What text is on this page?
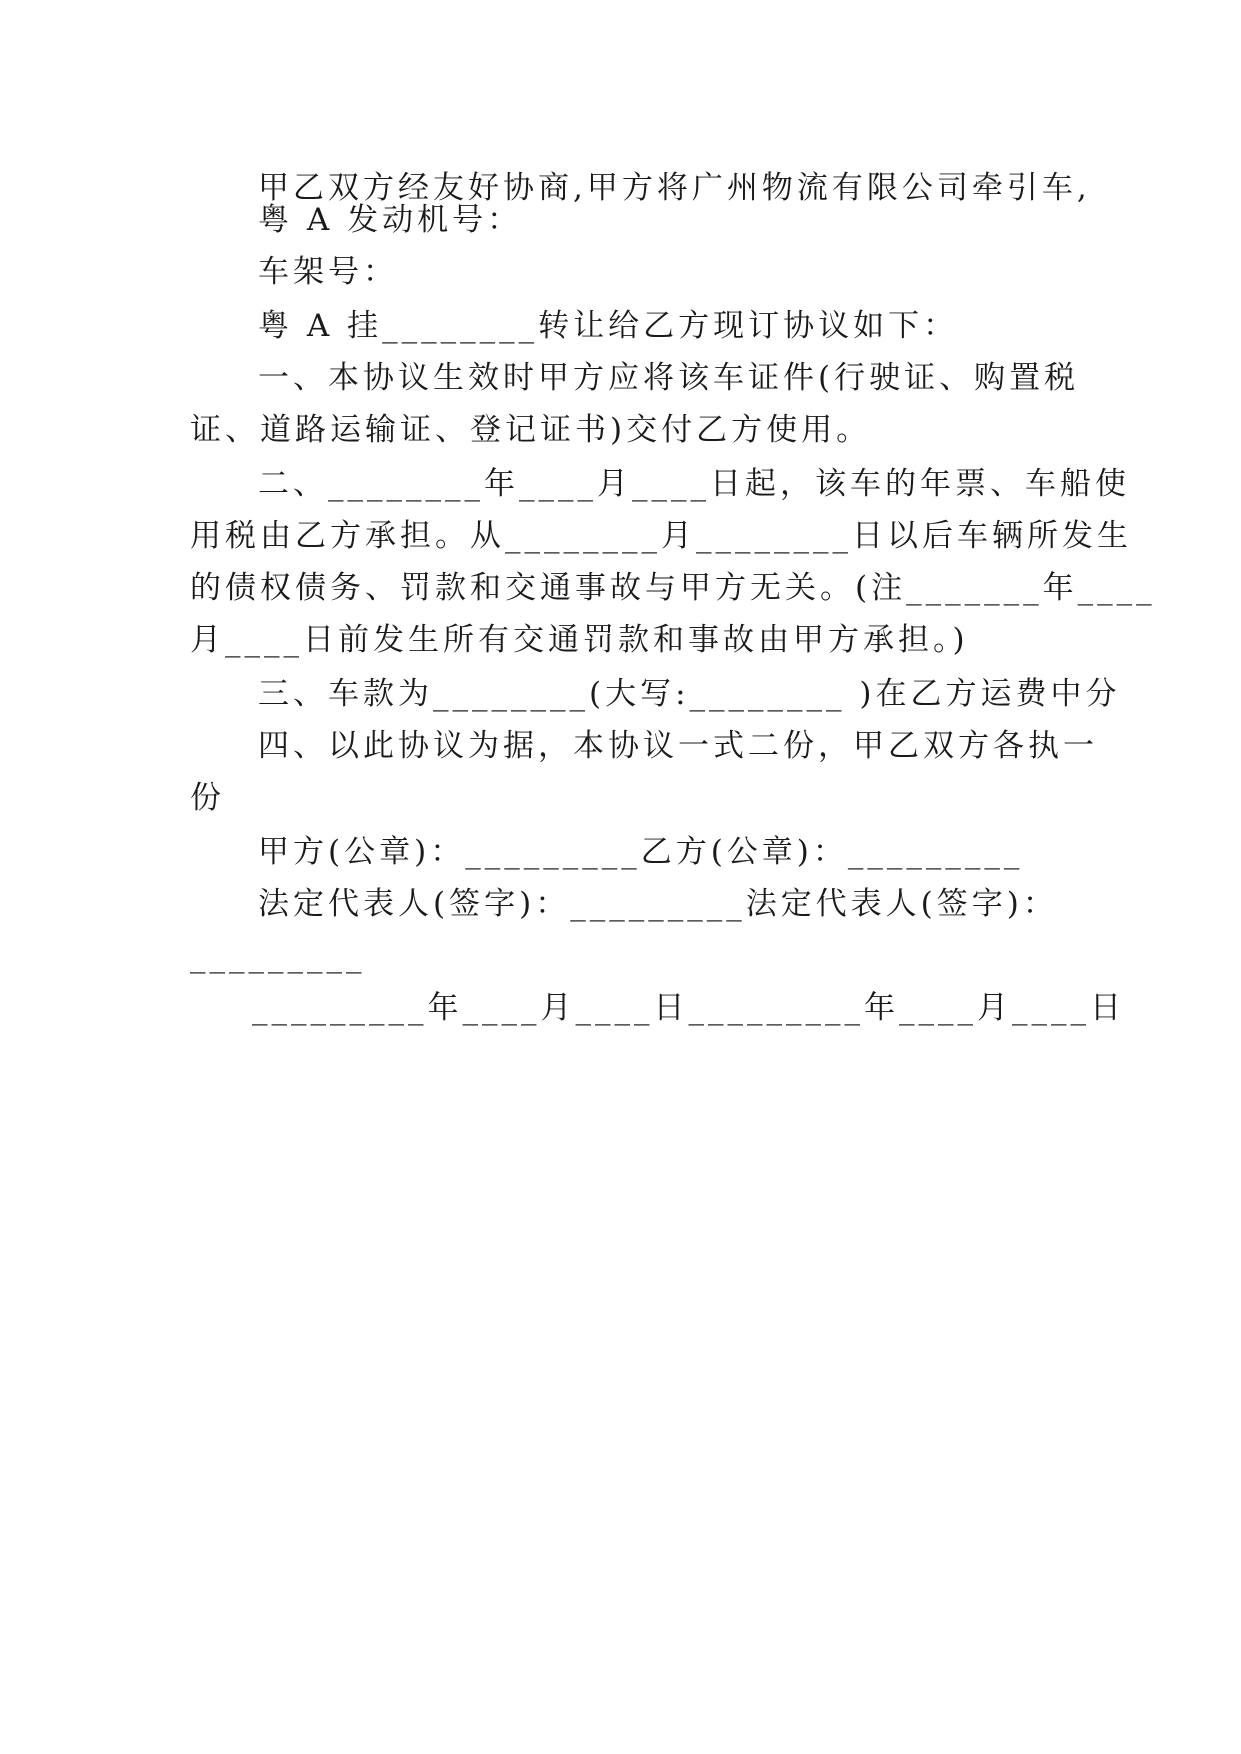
甲乙双方经友好协商,甲方将广州物流有限公司牵引车,
粤 A 发动机号：
车架号：
粤 A 挂________转让给乙方现订协议如下：
一、本协议生效时甲方应将该车证件(行驶证、购置税
证、道路运输证、登记证书)交付乙方使用。
二、________年____月____日起，该车的年票、车船使
用税由乙方承担。从________月________日以后车辆所发生
的债权债务、罚款和交通事故与甲方无关。(注_______年____
月____日前发生所有交通罚款和事故由甲方承担。)
三、车款为________(大写:________ )在乙方运费中分
四、以此协议为据，本协议一式二份，甲乙双方各执一
份
甲方(公章)：_________乙方(公章)：_________
法定代表人(签字)：_________法定代表人(签字)：
_________
_________年____月____日_________年____月____日
